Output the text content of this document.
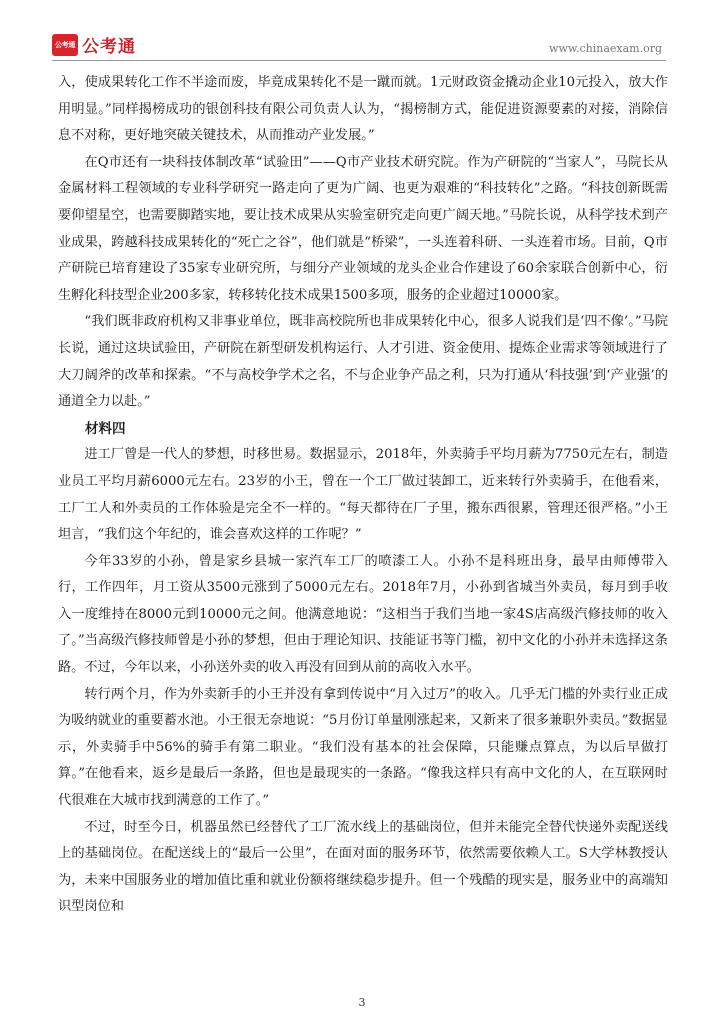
公考通 公考通	www.chinaexam.org

入，使成果转化工作不半途而废，毕竟成果转化不是一蹴而就。1元财政资金撬动企业10元投入，放大作用明显。”同样揭榜成功的银创科技有限公司负责人认为，“揭榜制方式，能促进资源要素的对接，消除信息不对称，更好地突破关键技术，从而推动产业发展。”

在Q市还有一块科技体制改革“试验田”——Q市产业技术研究院。作为产研院的“当家人”，马院长从金属材料工程领域的专业科学研究一路走向了更为广阔、也更为艰难的“科技转化”之路。“科技创新既需要仰望星空，也需要脚踏实地，要让技术成果从实验室研究走向更广阔天地。”马院长说，从科学技术到产业成果，跨越科技成果转化的“死亡之谷”，他们就是“桥梁”，一头连着科研、一头连着市场。目前，Q市产研院已培育建设了35家专业研究所，与细分产业领域的龙头企业合作建设了60余家联合创新中心，衍生孵化科技型企业200多家，转移转化技术成果1500多项，服务的企业超过10000家。

“我们既非政府机构又非事业单位，既非高校院所也非成果转化中心，很多人说我们是‘四不像’。”马院长说，通过这块试验田，产研院在新型研发机构运行、人才引进、资金使用、提炼企业需求等领域进行了大刀阔斧的改革和探索。“不与高校争学术之名，不与企业争产品之利，只为打通从‘科技强’到‘产业强’的通道全力以赴。”

材料四

进工厂曾是一代人的梦想，时移世易。数据显示，2018年，外卖骑手平均月薪为7750元左右，制造业员工平均月薪6000元左右。23岁的小王，曾在一个工厂做过装卸工，近来转行外卖骑手，在他看来，工厂工人和外卖员的工作体验是完全不一样的。“每天都待在厂子里，搬东西很累，管理还很严格。”小王坦言，“我们这个年纪的，谁会喜欢这样的工作呢？”

今年33岁的小孙，曾是家乡县城一家汽车工厂的喷漆工人。小孙不是科班出身，最早由师傅带入行，工作四年，月工资从3500元涨到了5000元左右。2018年7月，小孙到省城当外卖员，每月到手收入一度维持在8000元到10000元之间。他满意地说：“这相当于我们当地一家4S店高级汽修技师的收入了。”当高级汽修技师曾是小孙的梦想，但由于理论知识、技能证书等门槛，初中文化的小孙并未选择这条路。不过，今年以来，小孙送外卖的收入再没有回到从前的高收入水平。

转行两个月，作为外卖新手的小王并没有拿到传说中“月入过万”的收入。几乎无门槛的外卖行业正成为吸纳就业的重要蓄水池。小王很无奈地说：“5月份订单量刚涨起来，又新来了很多兼职外卖员。”数据显示，外卖骑手中56%的骑手有第二职业。“我们没有基本的社会保障，只能赚点算点，为以后早做打算。”在他看来，返乡是最后一条路，但也是最现实的一条路。“像我这样只有高中文化的人，在互联网时代很难在大城市找到满意的工作了。”

不过，时至今日，机器虽然已经替代了工厂流水线上的基础岗位，但并未能完全替代快递外卖配送线上的基础岗位。在配送线上的“最后一公里”，在面对面的服务环节，依然需要依赖人工。S大学林教授认为，未来中国服务业的增加值比重和就业份额将继续稳步提升。但一个残酷的现实是，服务业中的高端知识型岗位和

3
